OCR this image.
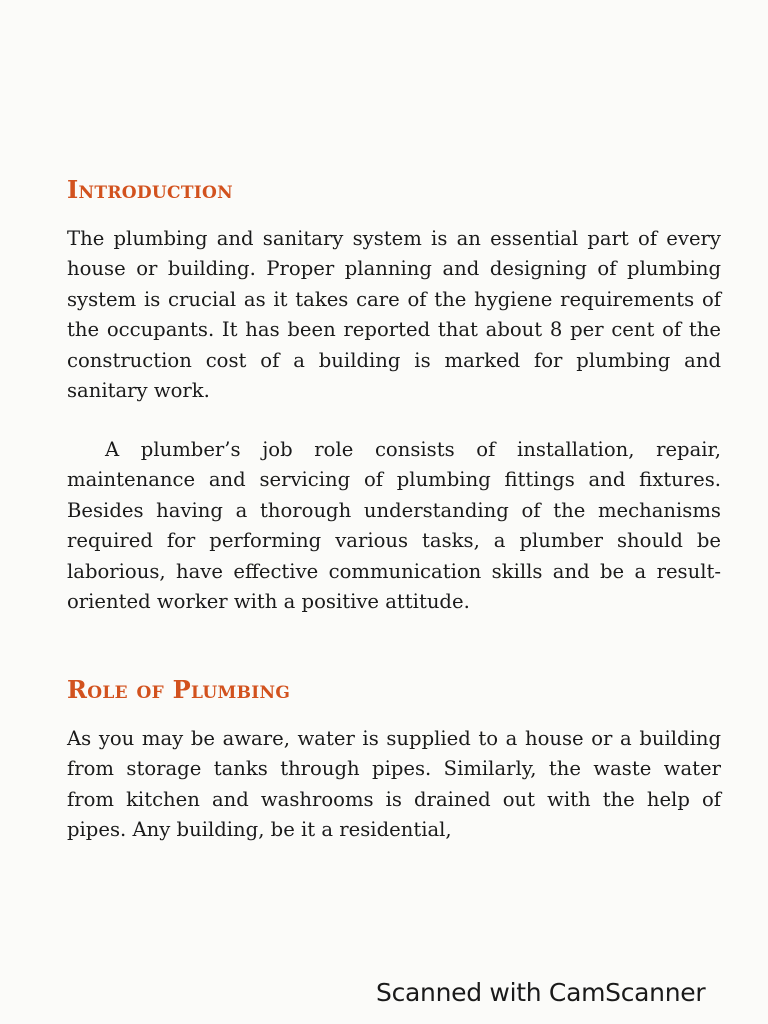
Introduction

The plumbing and sanitary system is an essential part of every house or building. Proper planning and designing of plumbing system is crucial as it takes care of the hygiene requirements of the occupants. It has been reported that about 8 per cent of the construction cost of a building is marked for plumbing and sanitary work.

A plumber’s job role consists of installation, repair, maintenance and servicing of plumbing fittings and fixtures. Besides having a thorough understanding of the mechanisms required for performing various tasks, a plumber should be laborious, have effective communication skills and be a result-oriented worker with a positive attitude.

Role of Plumbing

As you may be aware, water is supplied to a house or a building from storage tanks through pipes. Similarly, the waste water from kitchen and washrooms is drained out with the help of pipes. Any building, be it a residential,

Scanned with CamScanner
